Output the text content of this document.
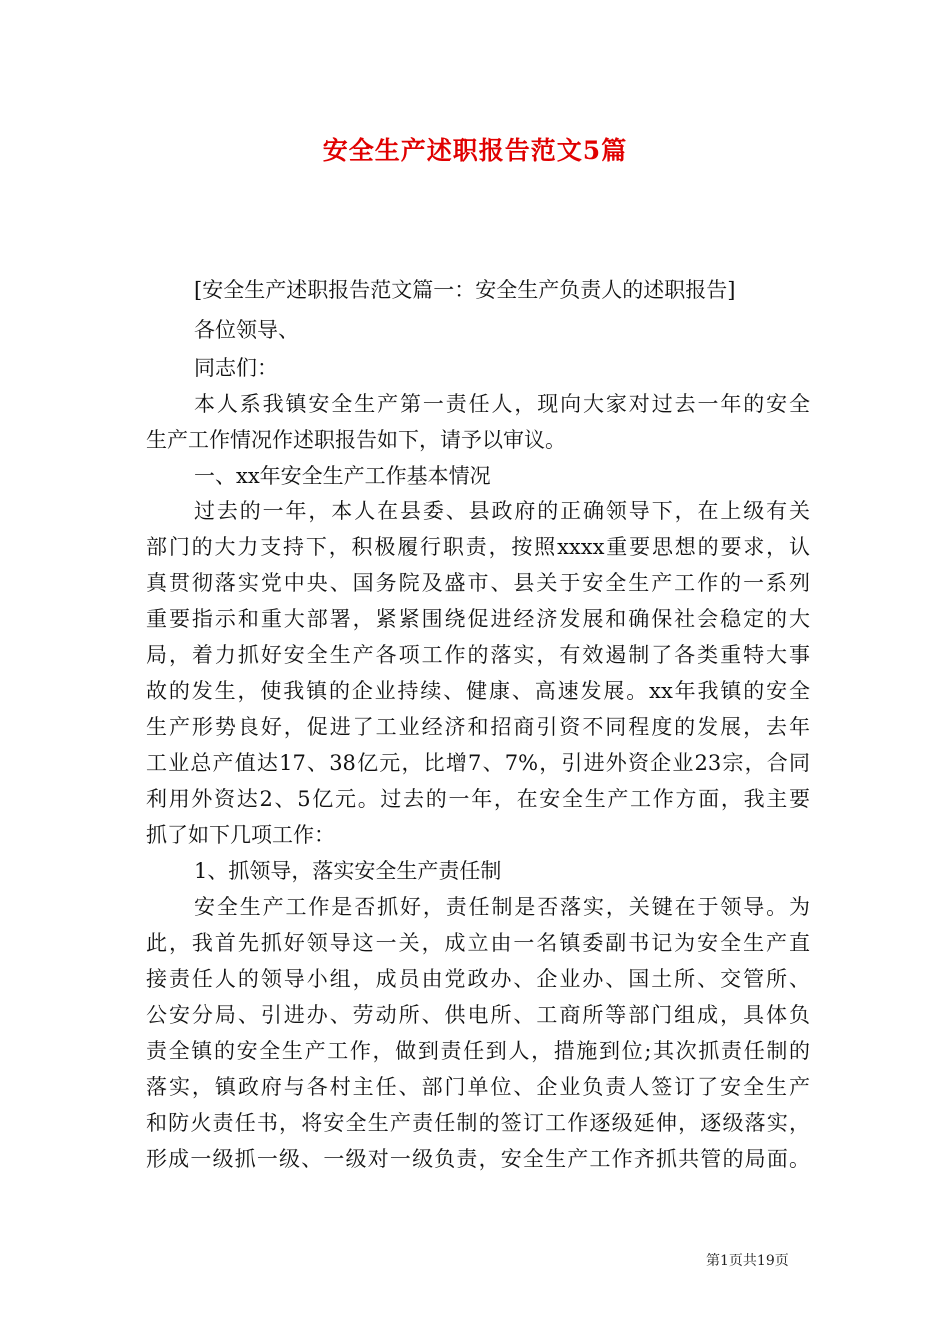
安全生产述职报告范文5篇
[安全生产述职报告范文篇一：安全生产负责人的述职报告]
各位领导、
同志们：
本人系我镇安全生产第一责任人，现向大家对过去一年的安全
生产工作情况作述职报告如下，请予以审议。
一、xx年安全生产工作基本情况
过去的一年，本人在县委、县政府的正确领导下，在上级有关
部门的大力支持下，积极履行职责，按照xxxx重要思想的要求，认
真贯彻落实党中央、国务院及盛市、县关于安全生产工作的一系列
重要指示和重大部署，紧紧围绕促进经济发展和确保社会稳定的大
局，着力抓好安全生产各项工作的落实，有效遏制了各类重特大事
故的发生，使我镇的企业持续、健康、高速发展。xx年我镇的安全
生产形势良好，促进了工业经济和招商引资不同程度的发展，去年
工业总产值达17、38亿元，比增7、7%，引进外资企业23宗，合同
利用外资达2、5亿元。过去的一年，在安全生产工作方面，我主要
抓了如下几项工作：
1、抓领导，落实安全生产责任制
安全生产工作是否抓好，责任制是否落实，关键在于领导。为
此，我首先抓好领导这一关，成立由一名镇委副书记为安全生产直
接责任人的领导小组，成员由党政办、企业办、国土所、交管所、
公安分局、引进办、劳动所、供电所、工商所等部门组成，具体负
责全镇的安全生产工作，做到责任到人，措施到位;其次抓责任制的
落实，镇政府与各村主任、部门单位、企业负责人签订了安全生产
和防火责任书，将安全生产责任制的签订工作逐级延伸，逐级落实，
形成一级抓一级、一级对一级负责，安全生产工作齐抓共管的局面。
第1页共19页
